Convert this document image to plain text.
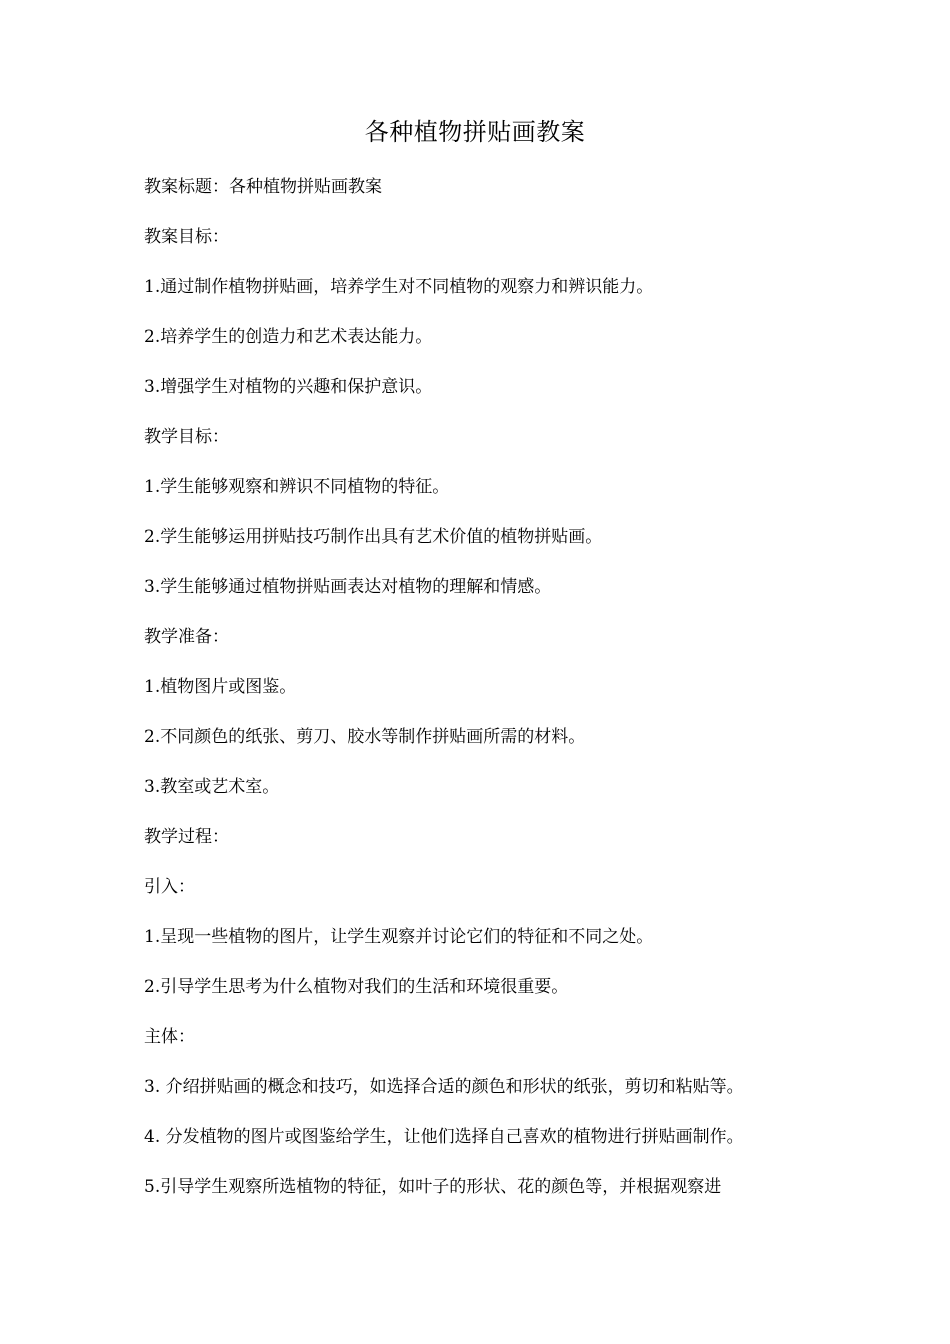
各种植物拼贴画教案
教案标题：各种植物拼贴画教案
教案目标：
1.通过制作植物拼贴画，培养学生对不同植物的观察力和辨识能力。
2.培养学生的创造力和艺术表达能力。
3.增强学生对植物的兴趣和保护意识。
教学目标：
1.学生能够观察和辨识不同植物的特征。
2.学生能够运用拼贴技巧制作出具有艺术价值的植物拼贴画。
3.学生能够通过植物拼贴画表达对植物的理解和情感。
教学准备：
1.植物图片或图鉴。
2.不同颜色的纸张、剪刀、胶水等制作拼贴画所需的材料。
3.教室或艺术室。
教学过程：
引入：
1.呈现一些植物的图片，让学生观察并讨论它们的特征和不同之处。
2.引导学生思考为什么植物对我们的生活和环境很重要。
主体：
3. 介绍拼贴画的概念和技巧，如选择合适的颜色和形状的纸张，剪切和粘贴等。
4. 分发植物的图片或图鉴给学生，让他们选择自己喜欢的植物进行拼贴画制作。
5.引导学生观察所选植物的特征，如叶子的形状、花的颜色等，并根据观察进
